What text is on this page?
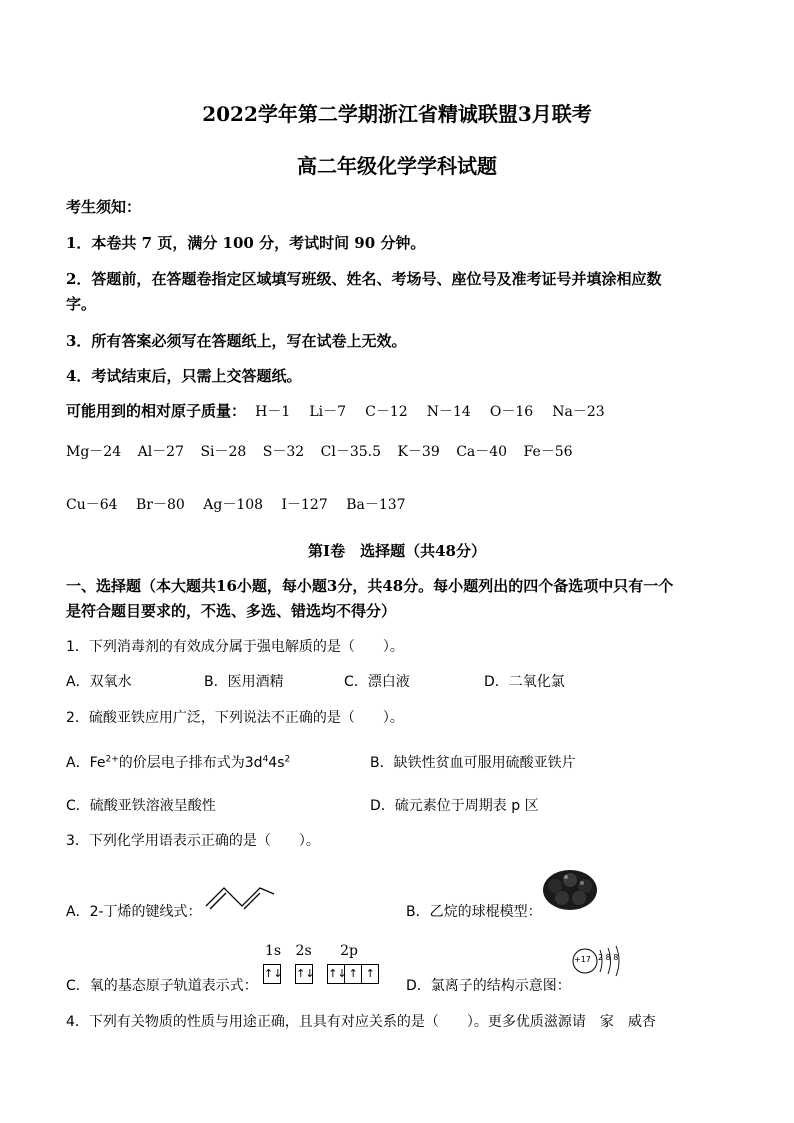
2022学年第二学期浙江省精诚联盟3月联考
高二年级化学学科试题
考生须知：
1．本卷共 7 页，满分 100 分，考试时间 90 分钟。
2．答题前，在答题卷指定区域填写班级、姓名、考场号、座位号及准考证号并填涂相应数
字。
3．所有答案必须写在答题纸上，写在试卷上无效。
4．考试结束后，只需上交答题纸。
可能用到的相对原子质量： H－1 Li－7 C－12 N－14 O－16 Na－23
Mg－24 Al－27 Si－28 S－32 Cl－35.5 K－39 Ca－40 Fe－56
Cu－64 Br－80 Ag－108 I－127 Ba－137
第Ⅰ卷　选择题（共48分）
一、选择题（本大题共16小题，每小题3分，共48分。每小题列出的四个备选项中只有一个
是符合题目要求的，不选、多选、错选均不得分）
1．下列消毒剂的有效成分属于强电解质的是（　　）。
A．双氧水	B．医用酒精	C．漂白液	D．二氧化氯
2．硫酸亚铁应用广泛，下列说法不正确的是（　　）。
A．$Fe^{2+}$的价层电子排布式为$3d^44s^2$	B．缺铁性贫血可服用硫酸亚铁片
C．硫酸亚铁溶液呈酸性	D．硫元素位于周期表 p 区
3．下列化学用语表示正确的是（　　）。
A．2-丁烯的键线式：	B．乙烷的球棍模型：
1s 2s 2p
C．氧的基态原子轨道表示式：
↑↓ ↑↓ ↑↓ ↑ ↑
D．氯离子的结构示意图：
+17 2 8 8
4．下列有关物质的性质与用途正确，且具有对应关系的是（　　）。更多优质滋源请　家　威杏
